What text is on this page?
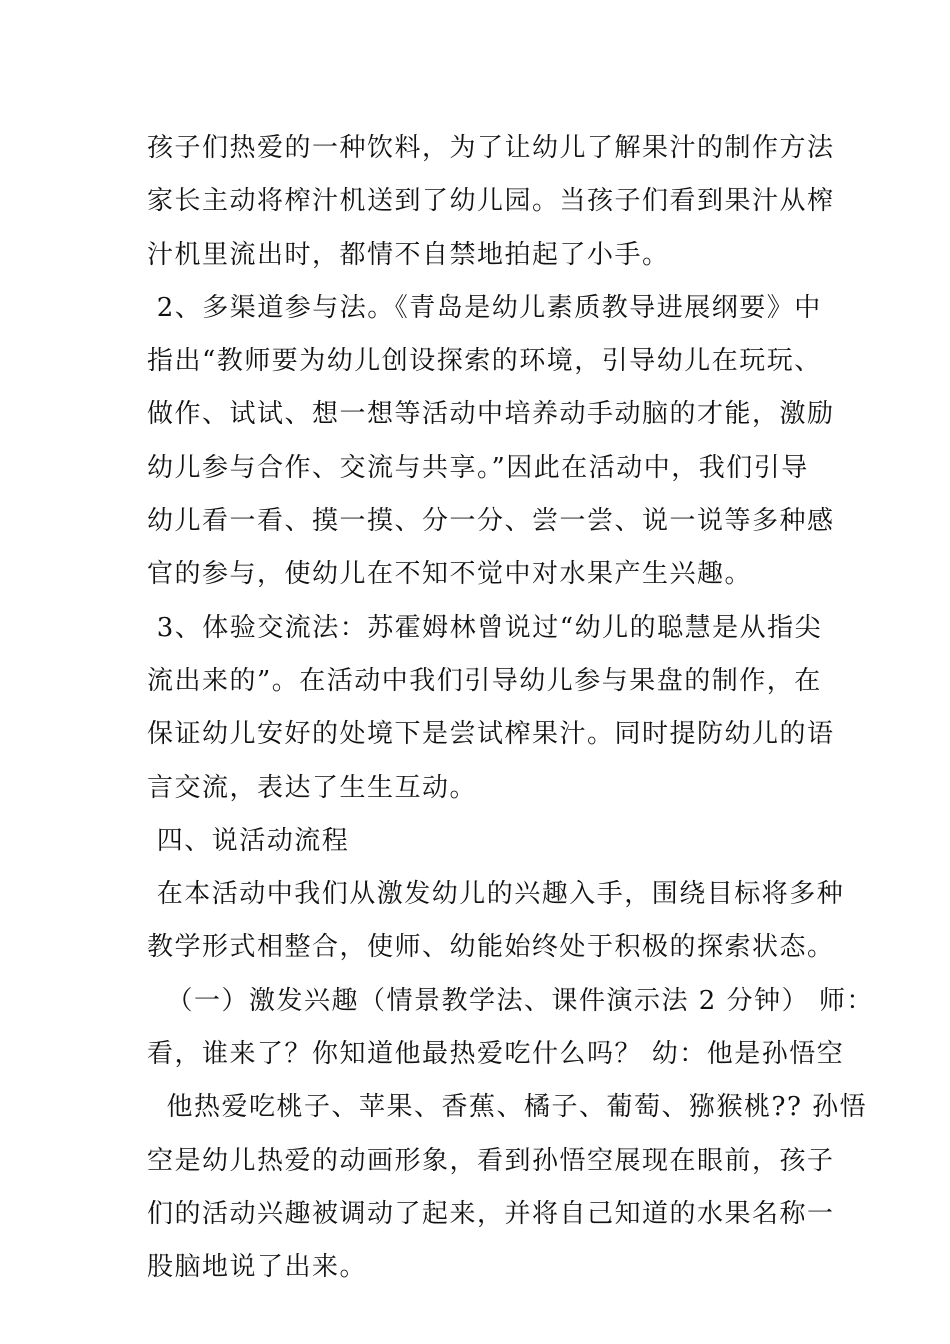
孩子们热爱的一种饮料，为了让幼儿了解果汁的制作方法
家长主动将榨汁机送到了幼儿园。当孩子们看到果汁从榨
汁机里流出时，都情不自禁地拍起了小手。
2、多渠道参与法。《青岛是幼儿素质教导进展纲要》中
指出“教师要为幼儿创设探索的环境，引导幼儿在玩玩、
做作、试试、想一想等活动中培养动手动脑的才能，激励
幼儿参与合作、交流与共享。”因此在活动中，我们引导
幼儿看一看、摸一摸、分一分、尝一尝、说一说等多种感
官的参与，使幼儿在不知不觉中对水果产生兴趣。
3、体验交流法：苏霍姆林曾说过“幼儿的聪慧是从指尖
流出来的”。在活动中我们引导幼儿参与果盘的制作，在
保证幼儿安好的处境下是尝试榨果汁。同时提防幼儿的语
言交流，表达了生生互动。
四、说活动流程
在本活动中我们从激发幼儿的兴趣入手，围绕目标将多种
教学形式相整合，使师、幼能始终处于积极的探索状态。
（一）激发兴趣（情景教学法、课件演示法 2 分钟） 师：
看，谁来了？你知道他最热爱吃什么吗？ 幼：他是孙悟空
他热爱吃桃子、苹果、香蕉、橘子、葡萄、猕猴桃?? 孙悟
空是幼儿热爱的动画形象，看到孙悟空展现在眼前，孩子
们的活动兴趣被调动了起来，并将自己知道的水果名称一
股脑地说了出来。
